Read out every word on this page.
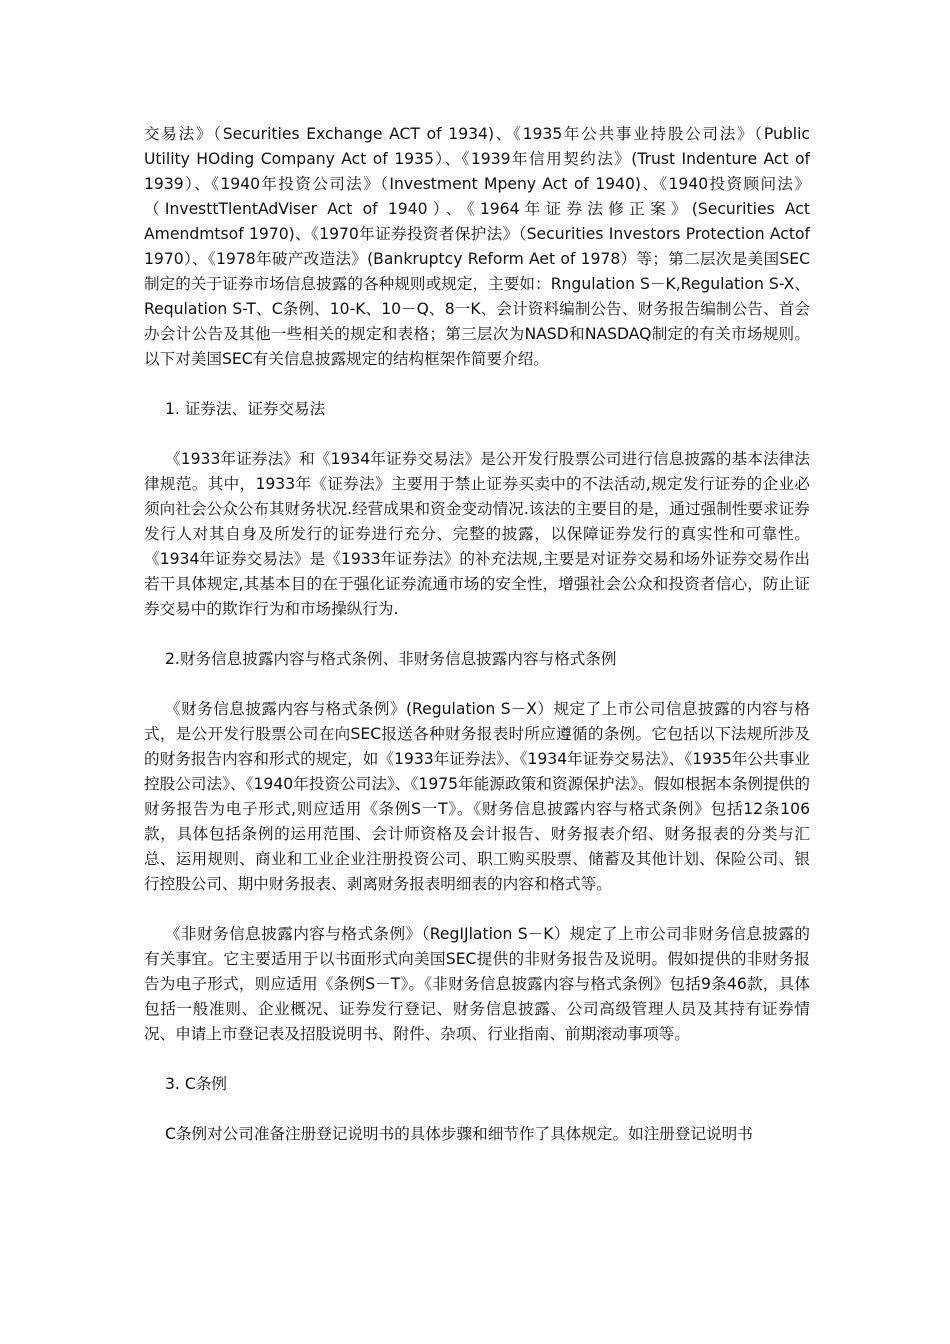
交易法》（Securities Exchange ACT of 1934)、《1935年公共事业持股公司法》（Public Utility HOding Company Act of 1935）、《1939年信用契约法》(Trust Indenture Act of 1939）、《1940年投资公司法》（Investment Mpeny Act of 1940)、《1940投资顾问法》（InvesttTlentAdViser Act of 1940）、《1964年证券法修正案》(Securities Act Amendmtsof 1970)、《1970年证券投资者保护法》（Securities Investors Protection Actof 1970）、《1978年破产改造法》(Bankruptcy Reform Aet of 1978）等；第二层次是美国SEC制定的关于证券市场信息披露的各种规则或规定，主要如：Rngulation S－K,Regulation S-X、Requlation S-T、C条例、10-K、10－Q、8一K、会计资料编制公告、财务报告编制公告、首会办会计公告及其他一些相关的规定和表格；第三层次为NASD和NASDAQ制定的有关市场规则。以下对美国SEC有关信息披露规定的结构框架作简要介绍。

1. 证券法、证券交易法

《1933年证券法》和《1934年证券交易法》是公开发行股票公司进行信息披露的基本法律法律规范。其中，1933年《证券法》主要用于禁止证券买卖中的不法活动,规定发行证券的企业必须向社会公众公布其财务状况.经营成果和资金变动情况.该法的主要目的是，通过强制性要求证券发行人对其自身及所发行的证券进行充分、完整的披露，以保障证券发行的真实性和可靠性。《1934年证券交易法》是《1933年证券法》的补充法规,主要是对证券交易和场外证券交易作出若干具体规定,其基本目的在于强化证券流通市场的安全性，增强社会公众和投资者信心，防止证券交易中的欺诈行为和市场操纵行为.

2.财务信息披露内容与格式条例、非财务信息披露内容与格式条例

《财务信息披露内容与格式条例》(Regulation S－X）规定了上市公司信息披露的内容与格式，是公开发行股票公司在向SEC报送各种财务报表时所应遵循的条例。它包括以下法规所涉及的财务报告内容和形式的规定，如《1933年证券法》、《1934年证券交易法》、《1935年公共事业控股公司法》、《1940年投资公司法》、《1975年能源政策和资源保护法》。假如根据本条例提供的财务报告为电子形式,则应适用《条例S一T》。《财务信息披露内容与格式条例》包括12条106款，具体包括条例的运用范围、会计师资格及会计报告、财务报表介绍、财务报表的分类与汇总、运用规则、商业和工业企业注册投资公司、职工购买股票、储蓄及其他计划、保险公司、银行控股公司、期中财务报表、剥离财务报表明细表的内容和格式等。

《非财务信息披露内容与格式条例》（RegIJlation S－K）规定了上市公司非财务信息披露的有关事宜。它主要适用于以书面形式向美国SEC提供的非财务报告及说明。假如提供的非财务报告为电子形式，则应适用《条例S－T》。《非财务信息披露内容与格式条例》包括9条46款，具体包括一般准则、企业概况、证券发行登记、财务信息披露、公司高级管理人员及其持有证券情况、申请上市登记表及招股说明书、附件、杂项、行业指南、前期滚动事项等。

3. C条例

C条例对公司准备注册登记说明书的具体步骤和细节作了具体规定。如注册登记说明书
